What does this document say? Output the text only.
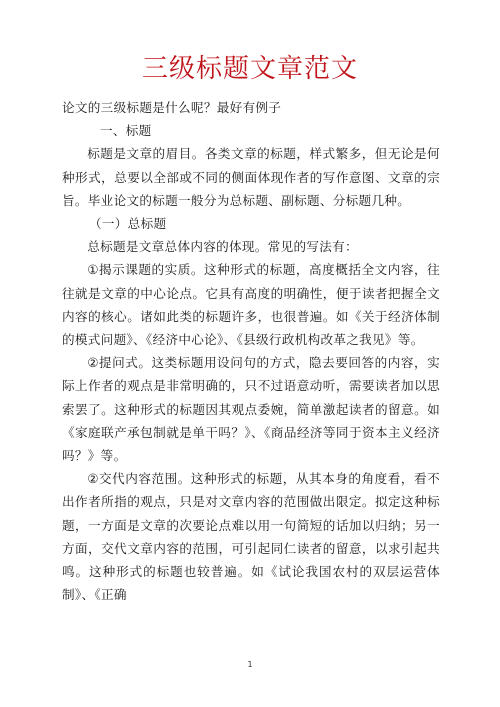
三级标题文章范文

论文的三级标题是什么呢？最好有例子

一、标题

标题是文章的眉目。各类文章的标题，样式繁多，但无论是何种形式，总要以全部或不同的侧面体现作者的写作意图、文章的宗旨。毕业论文的标题一般分为总标题、副标题、分标题几种。

（一）总标题

总标题是文章总体内容的体现。常见的写法有：

①揭示课题的实质。这种形式的标题，高度概括全文内容，往往就是文章的中心论点。它具有高度的明确性，便于读者把握全文内容的核心。诸如此类的标题许多，也很普遍。如《关于经济体制的模式问题》、《经济中心论》、《县级行政机构改革之我见》等。

②提问式。这类标题用设问句的方式，隐去要回答的内容，实际上作者的观点是非常明确的，只不过语意动听，需要读者加以思索罢了。这种形式的标题因其观点委婉，简单激起读者的留意。如《家庭联产承包制就是单干吗？》、《商品经济等同于资本主义经济吗？》等。

②交代内容范围。这种形式的标题，从其本身的角度看，看不出作者所指的观点，只是对文章内容的范围做出限定。拟定这种标题，一方面是文章的次要论点难以用一句简短的话加以归纳；另一方面，交代文章内容的范围，可引起同仁读者的留意，以求引起共鸣。这种形式的标题也较普遍。如《试论我国农村的双层运营体制》、《正确

1
